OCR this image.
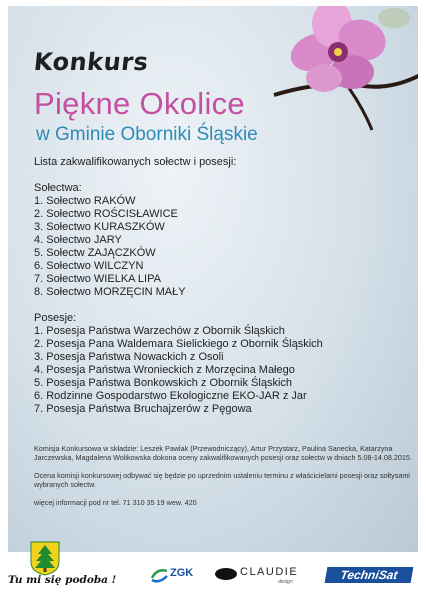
Konkurs
Piękne Okolice
w Gminie Oborniki Śląskie
Lista zakwalifikowanych sołectw i posesji:
Sołectwa:
1. Sołectwo RAKÓW
2. Sołectwo ROŚCISŁAWICE
3. Sołectwo KURASZKÓW
4. Sołectwo JARY
5. Sołectw ZAJĄCZKÓW
6. Sołectwo WILCZYN
7. Sołectwo WIELKA LIPA
8. Sołectwo MORZĘCIN MAŁY
Posesje:
1. Posesja Państwa Warzechów z Obornik Śląskich
2. Posesja Pana Waldemara Sielickiego z Obornik Śląskich
3. Posesja Państwa Nowackich z Osoli
4. Posesja Państwa Wronieckich z Morzęcina Małego
5. Posesja Państwa Bonkowskich z Obornik Śląskich
6. Rodzinne Gospodarstwo Ekologiczne EKO-JAR z Jar
7. Posesja Państwa Bruchajzerów z Pęgowa

Komisja Konkursowa w składzie: Leszek Pawlak (Przewodniczący), Artur Przystarz, Paulina Sanecka, Katarzyna Jarczewska, Magdalena Wolikowska dokona oceny zakwalifikowanych posesji oraz sołectw w dniach 5.08-14.08.2015.

Ocena komisji konkursowej odbywać się będzie po uprzednim ustaleniu terminu z właścicielami posesji oraz sołtysami wybranych sołectw.

więcej informacji pod nr tel. 71 310 35 19 wew. 420

Tu mi się podoba !
ZGK	CLAUDIE
design	TechniSat
